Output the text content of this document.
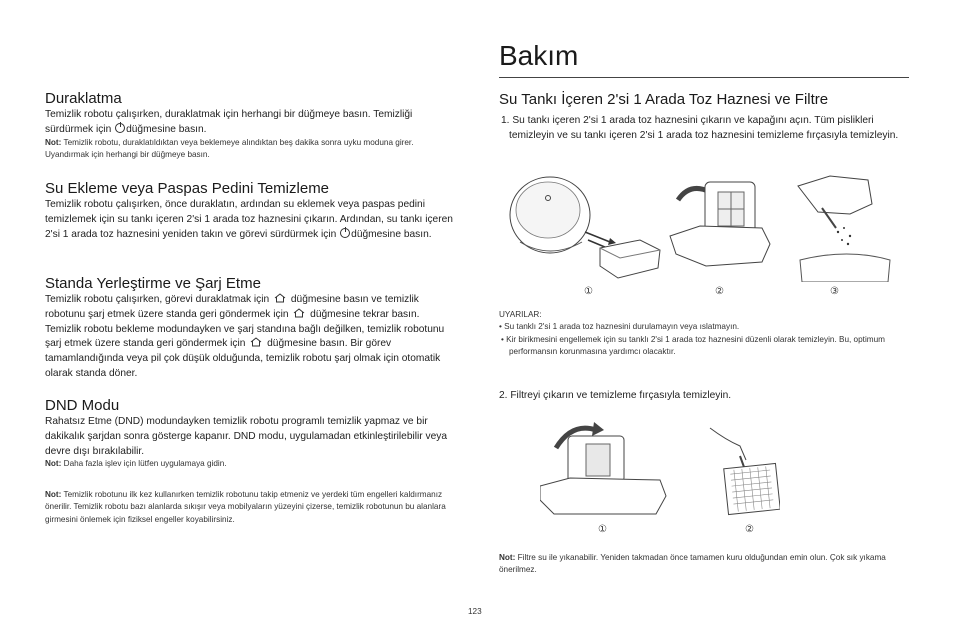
Duraklatma

Temizlik robotu çalışırken, duraklatmak için herhangi bir düğmeye basın. Temizliği sürdürmek için düğmesine basın.

Not: Temizlik robotu, duraklatıldıktan veya beklemeye alındıktan beş dakika sonra uyku moduna girer. Uyandırmak için herhangi bir düğmeye basın.

Su Ekleme veya Paspas Pedini Temizleme

Temizlik robotu çalışırken, önce duraklatın, ardından su eklemek veya paspas pedini temizlemek için su tankı içeren 2'si 1 arada toz haznesini çıkarın. Ardından, su tankı içeren 2'si 1 arada toz haznesini yeniden takın ve görevi sürdürmek için düğmesine basın.

Standa Yerleştirme ve Şarj Etme

Temizlik robotu çalışırken, görevi duraklatmak için  düğmesine basın ve temizlik robotunu şarj etmek üzere standa geri göndermek için  düğmesine tekrar basın. Temizlik robotu bekleme modundayken ve şarj standına bağlı değilken, temizlik robotunu şarj etmek üzere standa geri göndermek için  düğmesine basın. Bir görev tamamlandığında veya pil çok düşük olduğunda, temizlik robotu şarj olmak için otomatik olarak standa döner.

DND Modu

Rahatsız Etme (DND) modundayken temizlik robotu programlı temizlik yapmaz ve bir dakikalık şarjdan sonra gösterge kapanır. DND modu, uygulamadan etkinleştirilebilir veya devre dışı bırakılabilir.

Not: Daha fazla işlev için lütfen uygulamaya gidin.

Not: Temizlik robotunu ilk kez kullanırken temizlik robotunu takip etmeniz ve yerdeki tüm engelleri kaldırmanız önerilir. Temizlik robotu bazı alanlarda sıkışır veya mobilyaların yüzeyini çizerse, temizlik robotunun bu alanlara girmesini önlemek için fiziksel engeller koyabilirsiniz.

Bakım
Su Tankı İçeren 2'si 1 Arada Toz Haznesi ve Filtre

1. Su tankı içeren 2'si 1 arada toz haznesini çıkarın ve kapağını açın. Tüm pislikleri temizleyin ve su tankı içeren 2'si 1 arada toz haznesini temizleme fırçasıyla temizleyin.

①	②	③

UYARILAR:

• Su tanklı 2'si 1 arada toz haznesini durulamayın veya ıslatmayın.

• Kir birikmesini engellemek için su tanklı 2'si 1 arada toz haznesini düzenli olarak temizleyin. Bu, optimum performansın korunmasına yardımcı olacaktır.

2. Filtreyi çıkarın ve temizleme fırçasıyla temizleyin.

①	②

Not: Filtre su ile yıkanabilir. Yeniden takmadan önce tamamen kuru olduğundan emin olun. Çok sık yıkama önerilmez.

123
